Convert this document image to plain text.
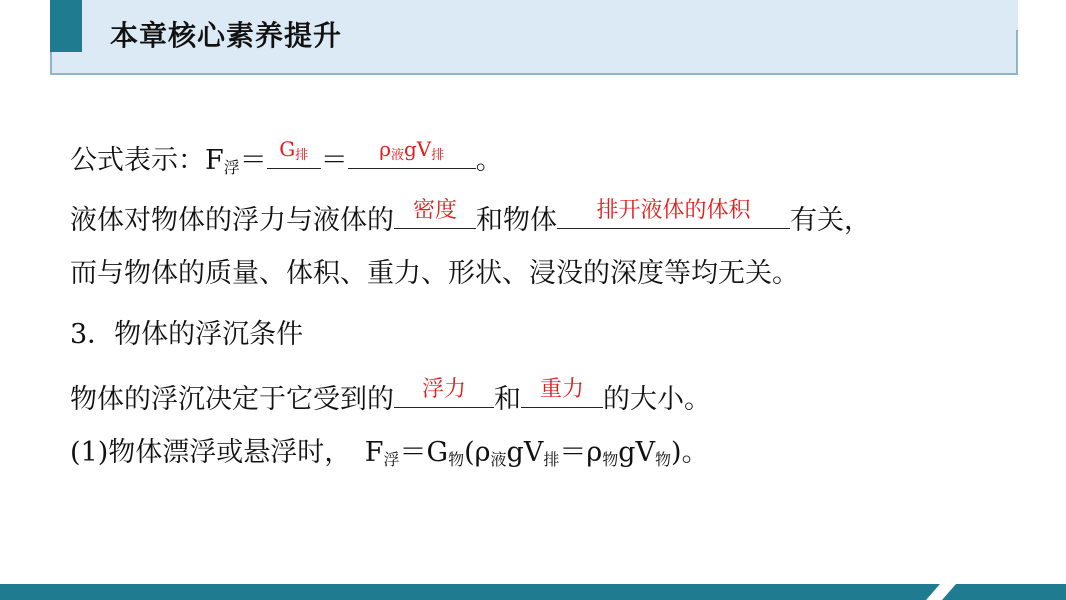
本章核心素养提升
公式表示：$F_浮= G_排$ ＝	$\rho_液gV_排$	。
液体对物体的浮力与液体的 密度 和物体	排开液体的体积	有关，
而与物体的质量、体积、重力、形状、浸没的深度等均无关。
3．物体的浮沉条件
物体的浮沉决定于它受到的	浮力	和 重力 的大小。
(1)物体漂浮或悬浮时，　$F_浮=G_物(\rho_液gV_排=\rho_物gV_物)$。
